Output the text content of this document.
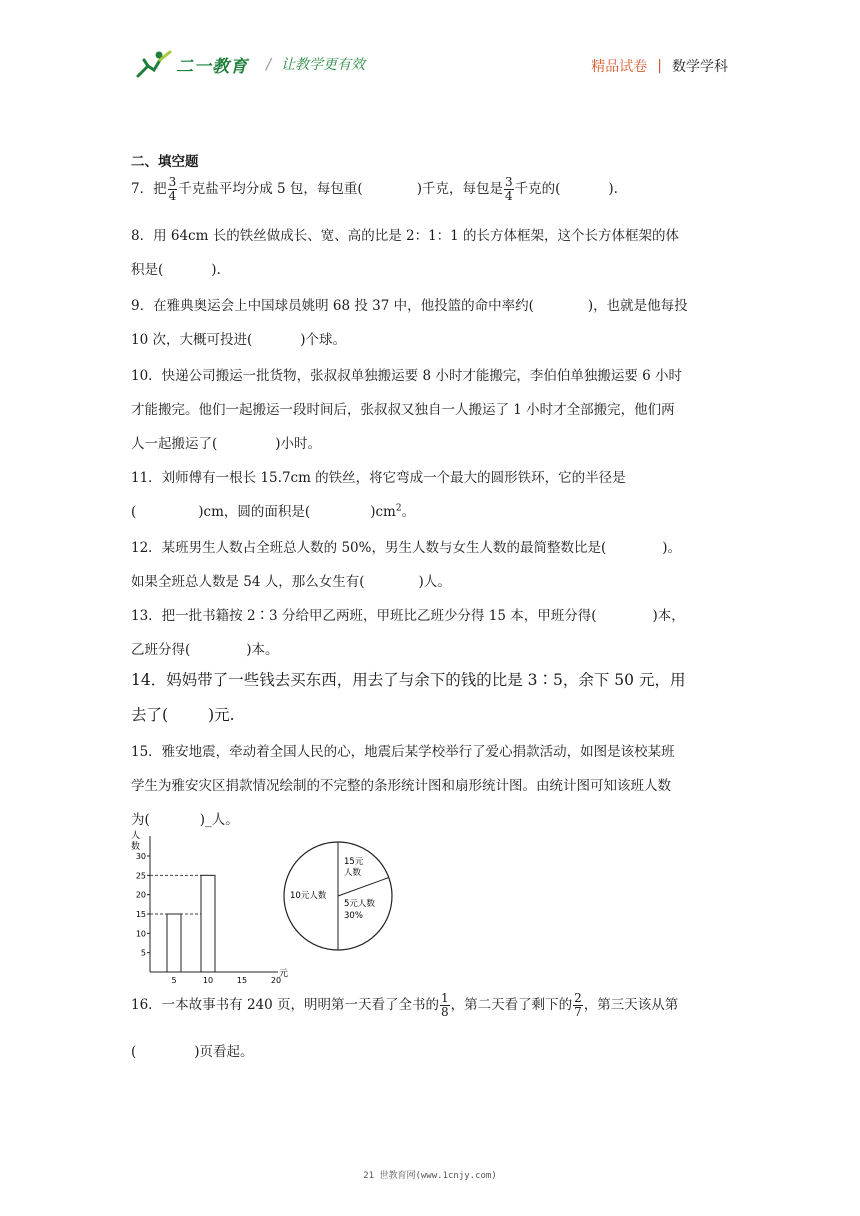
二一教育 / 让教学更有效	精品试卷 | 数学学科
二、填空题
7．把 $\frac{3}{4}$ 千克盐平均分成 5 包，每包重(	)千克，每包是 $\frac{3}{4}$ 千克的(	).
8．用 64cm 长的铁丝做成长、宽、高的比是 2：1：1 的长方体框架，这个长方体框架的体
积是(	).
9．在雅典奥运会上中国球员姚明 68 投 37 中，他投篮的命中率约(	)，也就是他每投
10 次，大概可投进(	)个球。
10．快递公司搬运一批货物，张叔叔单独搬运要 8 小时才能搬完，李伯伯单独搬运要 6 小时
才能搬完。他们一起搬运一段时间后，张叔叔又独自一人搬运了 1 小时才全部搬完，他们两
人一起搬运了(	)小时。
11．刘师傅有一根长 15.7cm 的铁丝，将它弯成一个最大的圆形铁环，它的半径是
(	)cm，圆的面积是(	)$cm^2$。
12．某班男生人数占全班总人数的 50%，男生人数与女生人数的最简整数比是(	)。
如果全班总人数是 54 人，那么女生有(	)人。
13．把一批书籍按 2∶3 分给甲乙两班，甲班比乙班少分得 15 本，甲班分得(	)本，
乙班分得(	)本。
14．妈妈带了一些钱去买东西，用去了与余下的钱的比是 3∶5，余下 50 元，用
去了(	)元.
15．雅安地震，牵动着全国人民的心，地震后某学校举行了爱心捐款活动，如图是该校某班
学生为雅安灾区捐款情况绘制的不完整的条形统计图和扇形统计图。由统计图可知该班人数
为(	)_人。
16．一本故事书有 240 页，明明第一天看了全书的 $\frac{1}{8}$ ，第二天看了剩下的 $\frac{2}{7}$ ，第三天该从第
(	)页看起。
人
数
元
5
10
15
20
25
30
5	10	15	20
10元人数
15元
人数
5元人数
30%
21 世教育网(www.1cnjy.com)
